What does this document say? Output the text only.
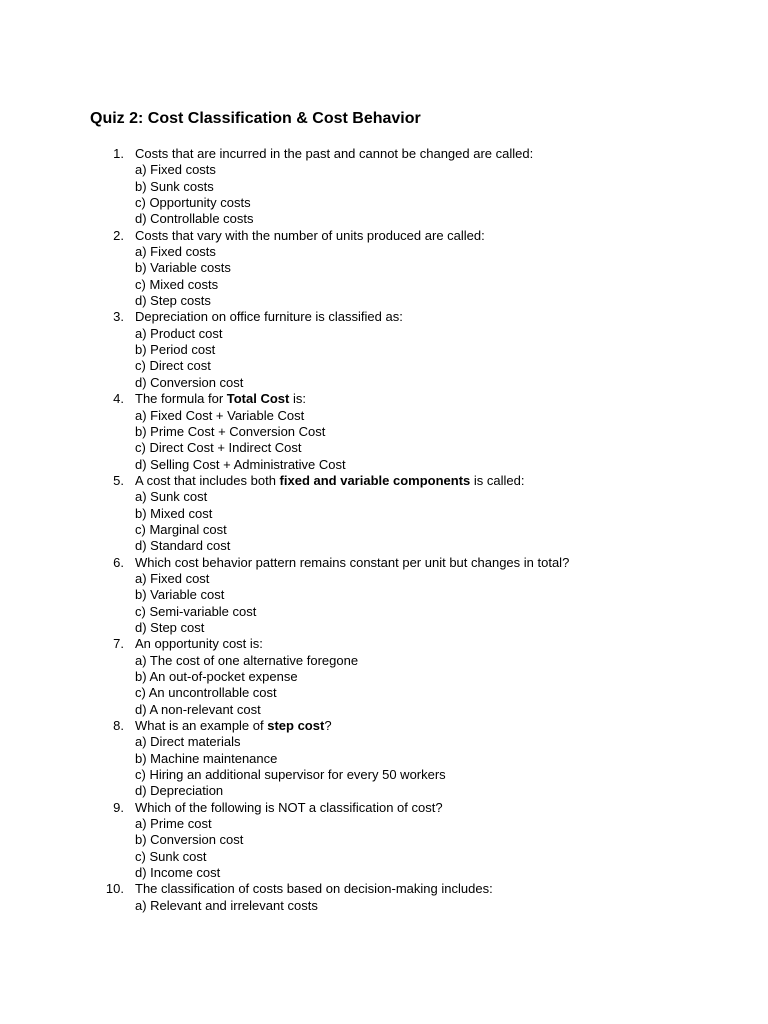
Quiz 2: Cost Classification & Cost Behavior
1. Costs that are incurred in the past and cannot be changed are called:
a) Fixed costs
b) Sunk costs
c) Opportunity costs
d) Controllable costs
2. Costs that vary with the number of units produced are called:
a) Fixed costs
b) Variable costs
c) Mixed costs
d) Step costs
3. Depreciation on office furniture is classified as:
a) Product cost
b) Period cost
c) Direct cost
d) Conversion cost
4. The formula for Total Cost is:
a) Fixed Cost + Variable Cost
b) Prime Cost + Conversion Cost
c) Direct Cost + Indirect Cost
d) Selling Cost + Administrative Cost
5. A cost that includes both fixed and variable components is called:
a) Sunk cost
b) Mixed cost
c) Marginal cost
d) Standard cost
6. Which cost behavior pattern remains constant per unit but changes in total?
a) Fixed cost
b) Variable cost
c) Semi-variable cost
d) Step cost
7. An opportunity cost is:
a) The cost of one alternative foregone
b) An out-of-pocket expense
c) An uncontrollable cost
d) A non-relevant cost
8. What is an example of step cost?
a) Direct materials
b) Machine maintenance
c) Hiring an additional supervisor for every 50 workers
d) Depreciation
9. Which of the following is NOT a classification of cost?
a) Prime cost
b) Conversion cost
c) Sunk cost
d) Income cost
10. The classification of costs based on decision-making includes:
a) Relevant and irrelevant costs
